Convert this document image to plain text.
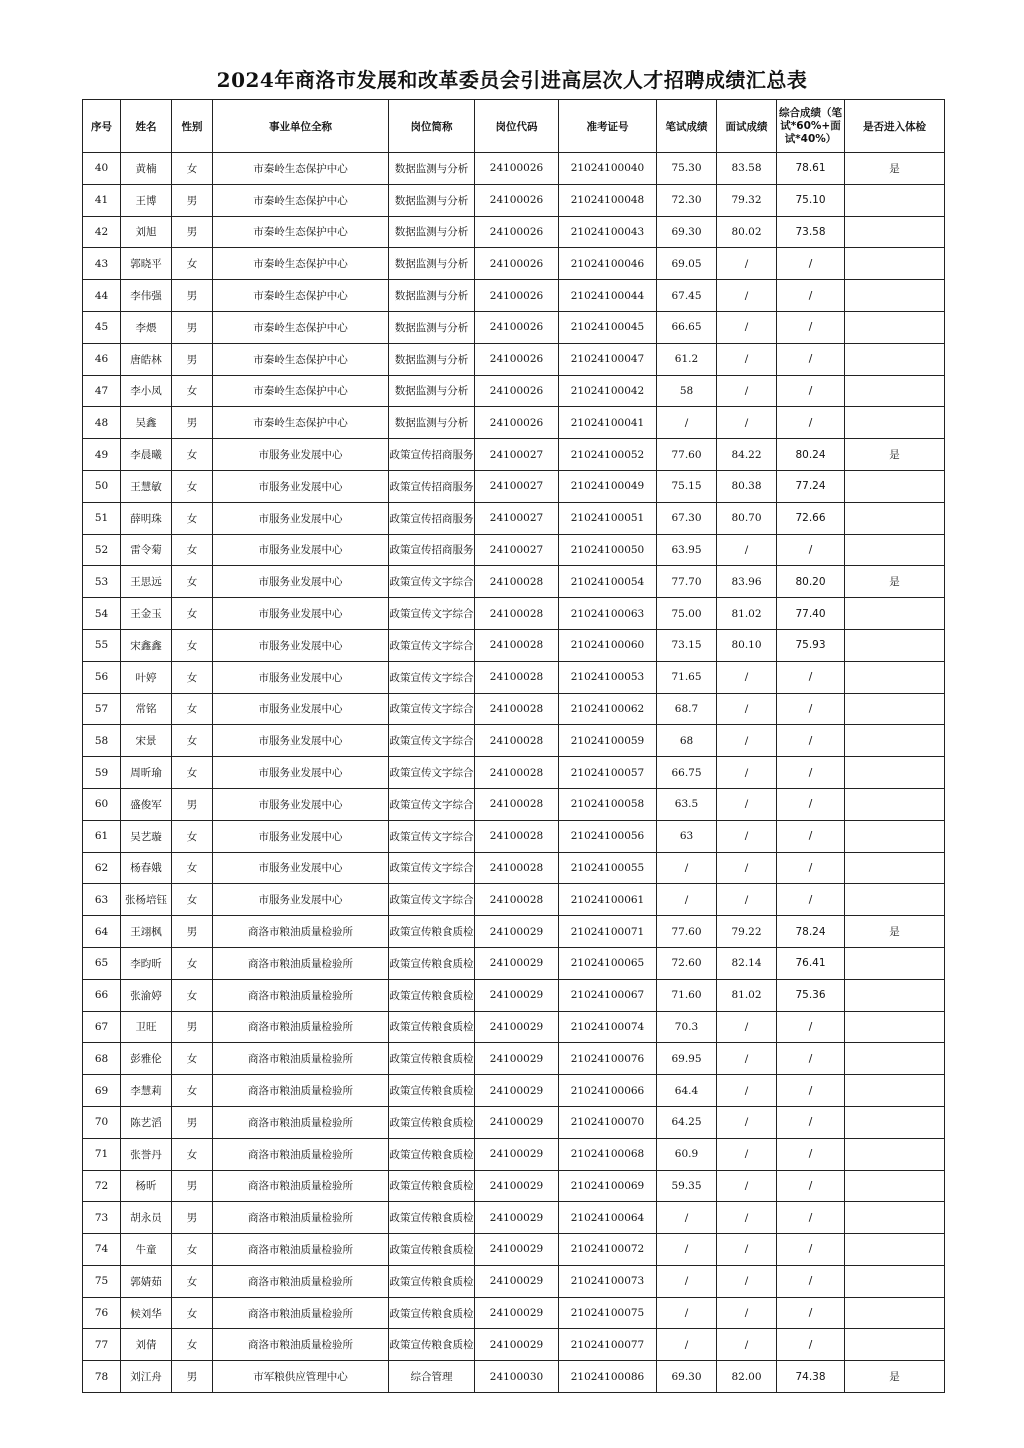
2024年商洛市发展和改革委员会引进高层次人才招聘成绩汇总表
序号	姓名	性别	事业单位全称	岗位简称	岗位代码	准考证号	笔试成绩	面试成绩	综合成绩（笔试*60%+面试*40%）	是否进入体检
40	黄楠	女	市秦岭生态保护中心	数据监测与分析	24100026	21024100040	75.30	83.58	78.61	是
41	王博	男	市秦岭生态保护中心	数据监测与分析	24100026	21024100048	72.30	79.32	75.10	
42	刘旭	男	市秦岭生态保护中心	数据监测与分析	24100026	21024100043	69.30	80.02	73.58	
43	郭晓平	女	市秦岭生态保护中心	数据监测与分析	24100026	21024100046	69.05	/	/	
44	李伟强	男	市秦岭生态保护中心	数据监测与分析	24100026	21024100044	67.45	/	/	
45	李煨	男	市秦岭生态保护中心	数据监测与分析	24100026	21024100045	66.65	/	/	
46	唐皓林	男	市秦岭生态保护中心	数据监测与分析	24100026	21024100047	61.2	/	/	
47	李小凤	女	市秦岭生态保护中心	数据监测与分析	24100026	21024100042	58	/	/	
48	吴鑫	男	市秦岭生态保护中心	数据监测与分析	24100026	21024100041	/	/	/	
49	李晨曦	女	市服务业发展中心	政策宣传招商服务	24100027	21024100052	77.60	84.22	80.24	是
50	王慧敏	女	市服务业发展中心	政策宣传招商服务	24100027	21024100049	75.15	80.38	77.24	
51	薛明珠	女	市服务业发展中心	政策宣传招商服务	24100027	21024100051	67.30	80.70	72.66	
52	雷令菊	女	市服务业发展中心	政策宣传招商服务	24100027	21024100050	63.95	/	/	
53	王思远	女	市服务业发展中心	政策宣传文字综合	24100028	21024100054	77.70	83.96	80.20	是
54	王金玉	女	市服务业发展中心	政策宣传文字综合	24100028	21024100063	75.00	81.02	77.40	
55	宋鑫鑫	女	市服务业发展中心	政策宣传文字综合	24100028	21024100060	73.15	80.10	75.93	
56	叶婷	女	市服务业发展中心	政策宣传文字综合	24100028	21024100053	71.65	/	/	
57	常铭	女	市服务业发展中心	政策宣传文字综合	24100028	21024100062	68.7	/	/	
58	宋景	女	市服务业发展中心	政策宣传文字综合	24100028	21024100059	68	/	/	
59	周昕瑜	女	市服务业发展中心	政策宣传文字综合	24100028	21024100057	66.75	/	/	
60	盛俊军	男	市服务业发展中心	政策宣传文字综合	24100028	21024100058	63.5	/	/	
61	吴艺璇	女	市服务业发展中心	政策宣传文字综合	24100028	21024100056	63	/	/	
62	杨春娥	女	市服务业发展中心	政策宣传文字综合	24100028	21024100055	/	/	/	
63	张杨培钰	女	市服务业发展中心	政策宣传文字综合	24100028	21024100061	/	/	/	
64	王翊枫	男	商洛市粮油质量检验所	政策宣传粮食质检	24100029	21024100071	77.60	79.22	78.24	是
65	李昀昕	女	商洛市粮油质量检验所	政策宣传粮食质检	24100029	21024100065	72.60	82.14	76.41	
66	张渝婷	女	商洛市粮油质量检验所	政策宣传粮食质检	24100029	21024100067	71.60	81.02	75.36	
67	卫旺	男	商洛市粮油质量检验所	政策宣传粮食质检	24100029	21024100074	70.3	/	/	
68	彭雅伦	女	商洛市粮油质量检验所	政策宣传粮食质检	24100029	21024100076	69.95	/	/	
69	李慧莉	女	商洛市粮油质量检验所	政策宣传粮食质检	24100029	21024100066	64.4	/	/	
70	陈艺滔	男	商洛市粮油质量检验所	政策宣传粮食质检	24100029	21024100070	64.25	/	/	
71	张誉丹	女	商洛市粮油质量检验所	政策宣传粮食质检	24100029	21024100068	60.9	/	/	
72	杨昕	男	商洛市粮油质量检验所	政策宣传粮食质检	24100029	21024100069	59.35	/	/	
73	胡永员	男	商洛市粮油质量检验所	政策宣传粮食质检	24100029	21024100064	/	/	/	
74	牛童	女	商洛市粮油质量检验所	政策宣传粮食质检	24100029	21024100072	/	/	/	
75	郭婧茹	女	商洛市粮油质量检验所	政策宣传粮食质检	24100029	21024100073	/	/	/	
76	候刘华	女	商洛市粮油质量检验所	政策宣传粮食质检	24100029	21024100075	/	/	/	
77	刘倩	女	商洛市粮油质量检验所	政策宣传粮食质检	24100029	21024100077	/	/	/	
78	刘江舟	男	市军粮供应管理中心	综合管理	24100030	21024100086	69.30	82.00	74.38	是
